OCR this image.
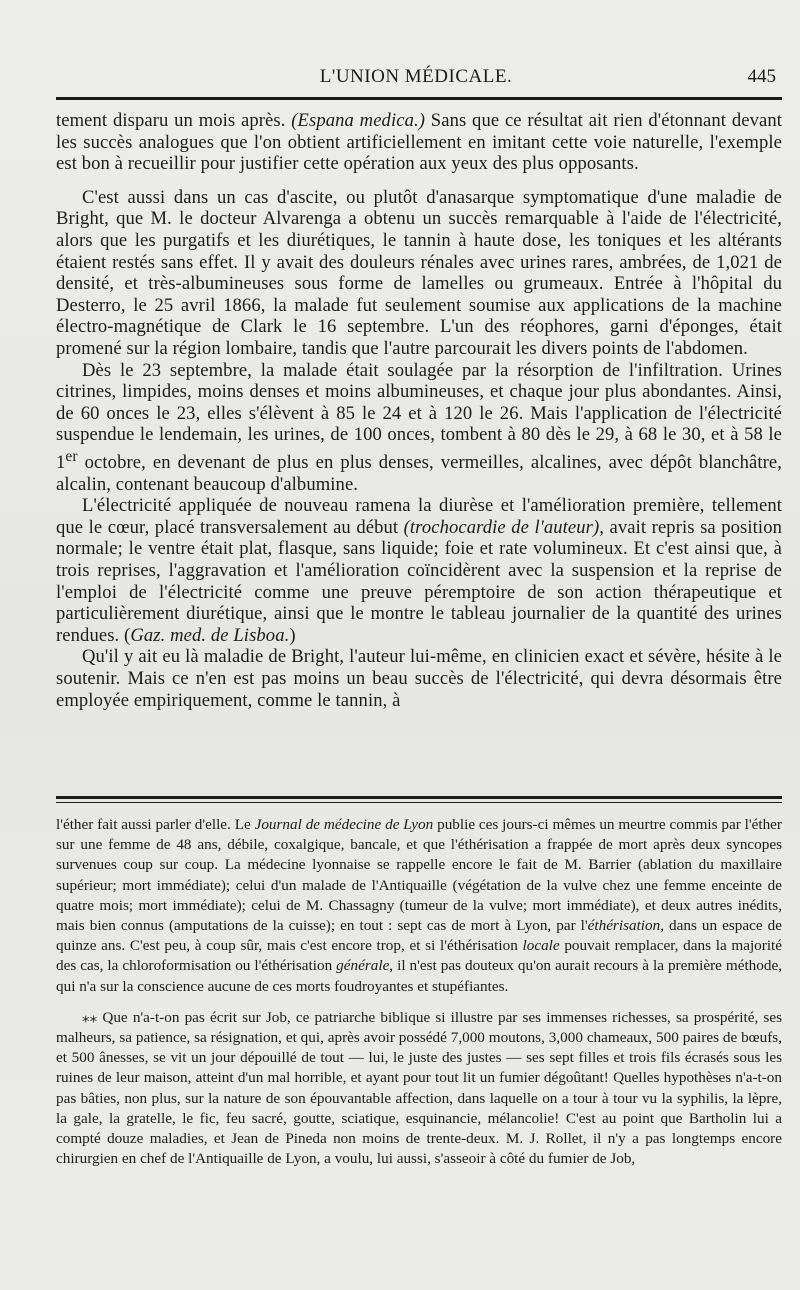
L'UNION MÉDICALE.	445

tement disparu un mois après. (Espana medica.) Sans que ce résultat ait rien d'étonnant devant les succès analogues que l'on obtient artificiellement en imitant cette voie naturelle, l'exemple est bon à recueillir pour justifier cette opération aux yeux des plus opposants.

C'est aussi dans un cas d'ascite, ou plutôt d'anasarque symptomatique d'une maladie de Bright, que M. le docteur Alvarenga a obtenu un succès remarquable à l'aide de l'électricité, alors que les purgatifs et les diurétiques, le tannin à haute dose, les toniques et les altérants étaient restés sans effet. Il y avait des douleurs rénales avec urines rares, ambrées, de 1,021 de densité, et très-albumineuses sous forme de lamelles ou grumeaux. Entrée à l'hôpital du Desterro, le 25 avril 1866, la malade fut seulement soumise aux applications de la machine électro-magnétique de Clark le 16 septembre. L'un des réophores, garni d'éponges, était promené sur la région lombaire, tandis que l'autre parcourait les divers points de l'abdomen.

Dès le 23 septembre, la malade était soulagée par la résorption de l'infiltration. Urines citrines, limpides, moins denses et moins albumineuses, et chaque jour plus abondantes. Ainsi, de 60 onces le 23, elles s'élèvent à 85 le 24 et à 120 le 26. Mais l'application de l'électricité suspendue le lendemain, les urines, de 100 onces, tombent à 80 dès le 29, à 68 le 30, et à 58 le 1er octobre, en devenant de plus en plus denses, vermeilles, alcalines, avec dépôt blanchâtre, alcalin, contenant beaucoup d'albumine.

L'électricité appliquée de nouveau ramena la diurèse et l'amélioration première, tellement que le cœur, placé transversalement au début (trochocardie de l'auteur), avait repris sa position normale; le ventre était plat, flasque, sans liquide; foie et rate volumineux. Et c'est ainsi que, à trois reprises, l'aggravation et l'amélioration coïncidèrent avec la suspension et la reprise de l'emploi de l'électricité comme une preuve péremptoire de son action thérapeutique et particulièrement diurétique, ainsi que le montre le tableau journalier de la quantité des urines rendues. (Gaz. med. de Lisboa.)

Qu'il y ait eu là maladie de Bright, l'auteur lui-même, en clinicien exact et sévère, hésite à le soutenir. Mais ce n'en est pas moins un beau succès de l'électricité, qui devra désormais être employée empiriquement, comme le tannin, à

l'éther fait aussi parler d'elle. Le Journal de médecine de Lyon publie ces jours-ci mêmes un meurtre commis par l'éther sur une femme de 48 ans, débile, coxalgique, bancale, et que l'éthérisation a frappée de mort après deux syncopes survenues coup sur coup. La médecine lyonnaise se rappelle encore le fait de M. Barrier (ablation du maxillaire supérieur; mort immédiate); celui d'un malade de l'Antiquaille (végétation de la vulve chez une femme enceinte de quatre mois; mort immédiate); celui de M. Chassagny (tumeur de la vulve; mort immédiate), et deux autres inédits, mais bien connus (amputations de la cuisse); en tout : sept cas de mort à Lyon, par l'éthérisation, dans un espace de quinze ans. C'est peu, à coup sûr, mais c'est encore trop, et si l'éthérisation locale pouvait remplacer, dans la majorité des cas, la chloroformisation ou l'éthérisation générale, il n'est pas douteux qu'on aurait recours à la première méthode, qui n'a sur la conscience aucune de ces morts foudroyantes et stupéfiantes.

⁎⁎ Que n'a-t-on pas écrit sur Job, ce patriarche biblique si illustre par ses immenses richesses, sa prospérité, ses malheurs, sa patience, sa résignation, et qui, après avoir possédé 7,000 moutons, 3,000 chameaux, 500 paires de bœufs, et 500 ânesses, se vit un jour dépouillé de tout — lui, le juste des justes — ses sept filles et trois fils écrasés sous les ruines de leur maison, atteint d'un mal horrible, et ayant pour tout lit un fumier dégoûtant! Quelles hypothèses n'a-t-on pas bâties, non plus, sur la nature de son épouvantable affection, dans laquelle on a tour à tour vu la syphilis, la lèpre, la gale, la gratelle, le fic, feu sacré, goutte, sciatique, esquinancie, mélancolie! C'est au point que Bartholin lui a compté douze maladies, et Jean de Pineda non moins de trente-deux. M. J. Rollet, il n'y a pas longtemps encore chirurgien en chef de l'Antiquaille de Lyon, a voulu, lui aussi, s'asseoir à côté du fumier de Job,
